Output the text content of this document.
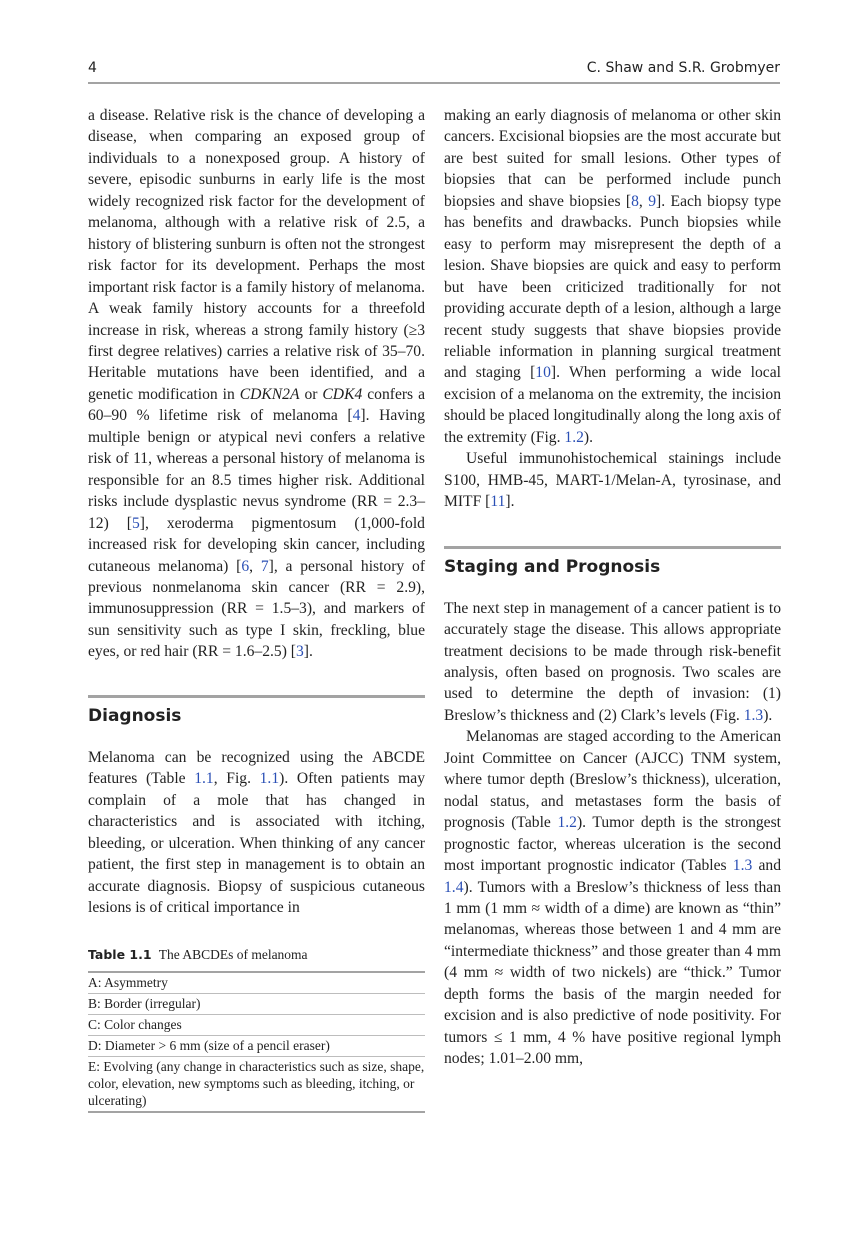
4	C. Shaw and S.R. Grobmyer

a disease. Relative risk is the chance of developing a disease, when comparing an exposed group of individuals to a nonexposed group. A history of severe, episodic sunburns in early life is the most widely recognized risk factor for the development of melanoma, although with a relative risk of 2.5, a history of blistering sunburn is often not the strongest risk factor for its development. Perhaps the most important risk factor is a family history of melanoma. A weak family history accounts for a threefold increase in risk, whereas a strong family history (≥3 first degree relatives) carries a relative risk of 35–70. Heritable mutations have been identified, and a genetic modification in CDKN2A or CDK4 confers a 60–90 % lifetime risk of melanoma [4]. Having multiple benign or atypical nevi confers a relative risk of 11, whereas a personal history of melanoma is responsible for an 8.5 times higher risk. Additional risks include dysplastic nevus syndrome (RR = 2.3–12) [5], xeroderma pigmentosum (1,000-fold increased risk for developing skin cancer, including cutaneous melanoma) [6, 7], a personal history of previous nonmelanoma skin cancer (RR = 2.9), immunosuppression (RR = 1.5–3), and markers of sun sensitivity such as type I skin, freckling, blue eyes, or red hair (RR = 1.6–2.5) [3].

Diagnosis

Melanoma can be recognized using the ABCDE features (Table 1.1, Fig. 1.1). Often patients may complain of a mole that has changed in characteristics and is associated with itching, bleeding, or ulceration. When thinking of any cancer patient, the first step in management is to obtain an accurate diagnosis. Biopsy of suspicious cutaneous lesions is of critical importance in

Table 1.1 The ABCDEs of melanoma
A: Asymmetry
B: Border (irregular)
C: Color changes
D: Diameter > 6 mm (size of a pencil eraser)
E: Evolving (any change in characteristics such as size, shape, color, elevation, new symptoms such as bleeding, itching, or ulcerating)

making an early diagnosis of melanoma or other skin cancers. Excisional biopsies are the most accurate but are best suited for small lesions. Other types of biopsies that can be performed include punch biopsies and shave biopsies [8, 9]. Each biopsy type has benefits and drawbacks. Punch biopsies while easy to perform may misrepresent the depth of a lesion. Shave biopsies are quick and easy to perform but have been criticized traditionally for not providing accurate depth of a lesion, although a large recent study suggests that shave biopsies provide reliable information in planning surgical treatment and staging [10]. When performing a wide local excision of a melanoma on the extremity, the incision should be placed longitudinally along the long axis of the extremity (Fig. 1.2).

Useful immunohistochemical stainings include S100, HMB-45, MART-1/Melan-A, tyrosinase, and MITF [11].

Staging and Prognosis

The next step in management of a cancer patient is to accurately stage the disease. This allows appropriate treatment decisions to be made through risk-benefit analysis, often based on prognosis. Two scales are used to determine the depth of invasion: (1) Breslow’s thickness and (2) Clark’s levels (Fig. 1.3).

Melanomas are staged according to the American Joint Committee on Cancer (AJCC) TNM system, where tumor depth (Breslow’s thickness), ulceration, nodal status, and metastases form the basis of prognosis (Table 1.2). Tumor depth is the strongest prognostic factor, whereas ulceration is the second most important prognostic indicator (Tables 1.3 and 1.4). Tumors with a Breslow’s thickness of less than 1 mm (1 mm ≈ width of a dime) are known as “thin” melanomas, whereas those between 1 and 4 mm are “intermediate thickness” and those greater than 4 mm (4 mm ≈ width of two nickels) are “thick.” Tumor depth forms the basis of the margin needed for excision and is also predictive of node positivity. For tumors ≤ 1 mm, 4 % have positive regional lymph nodes; 1.01–2.00 mm,
